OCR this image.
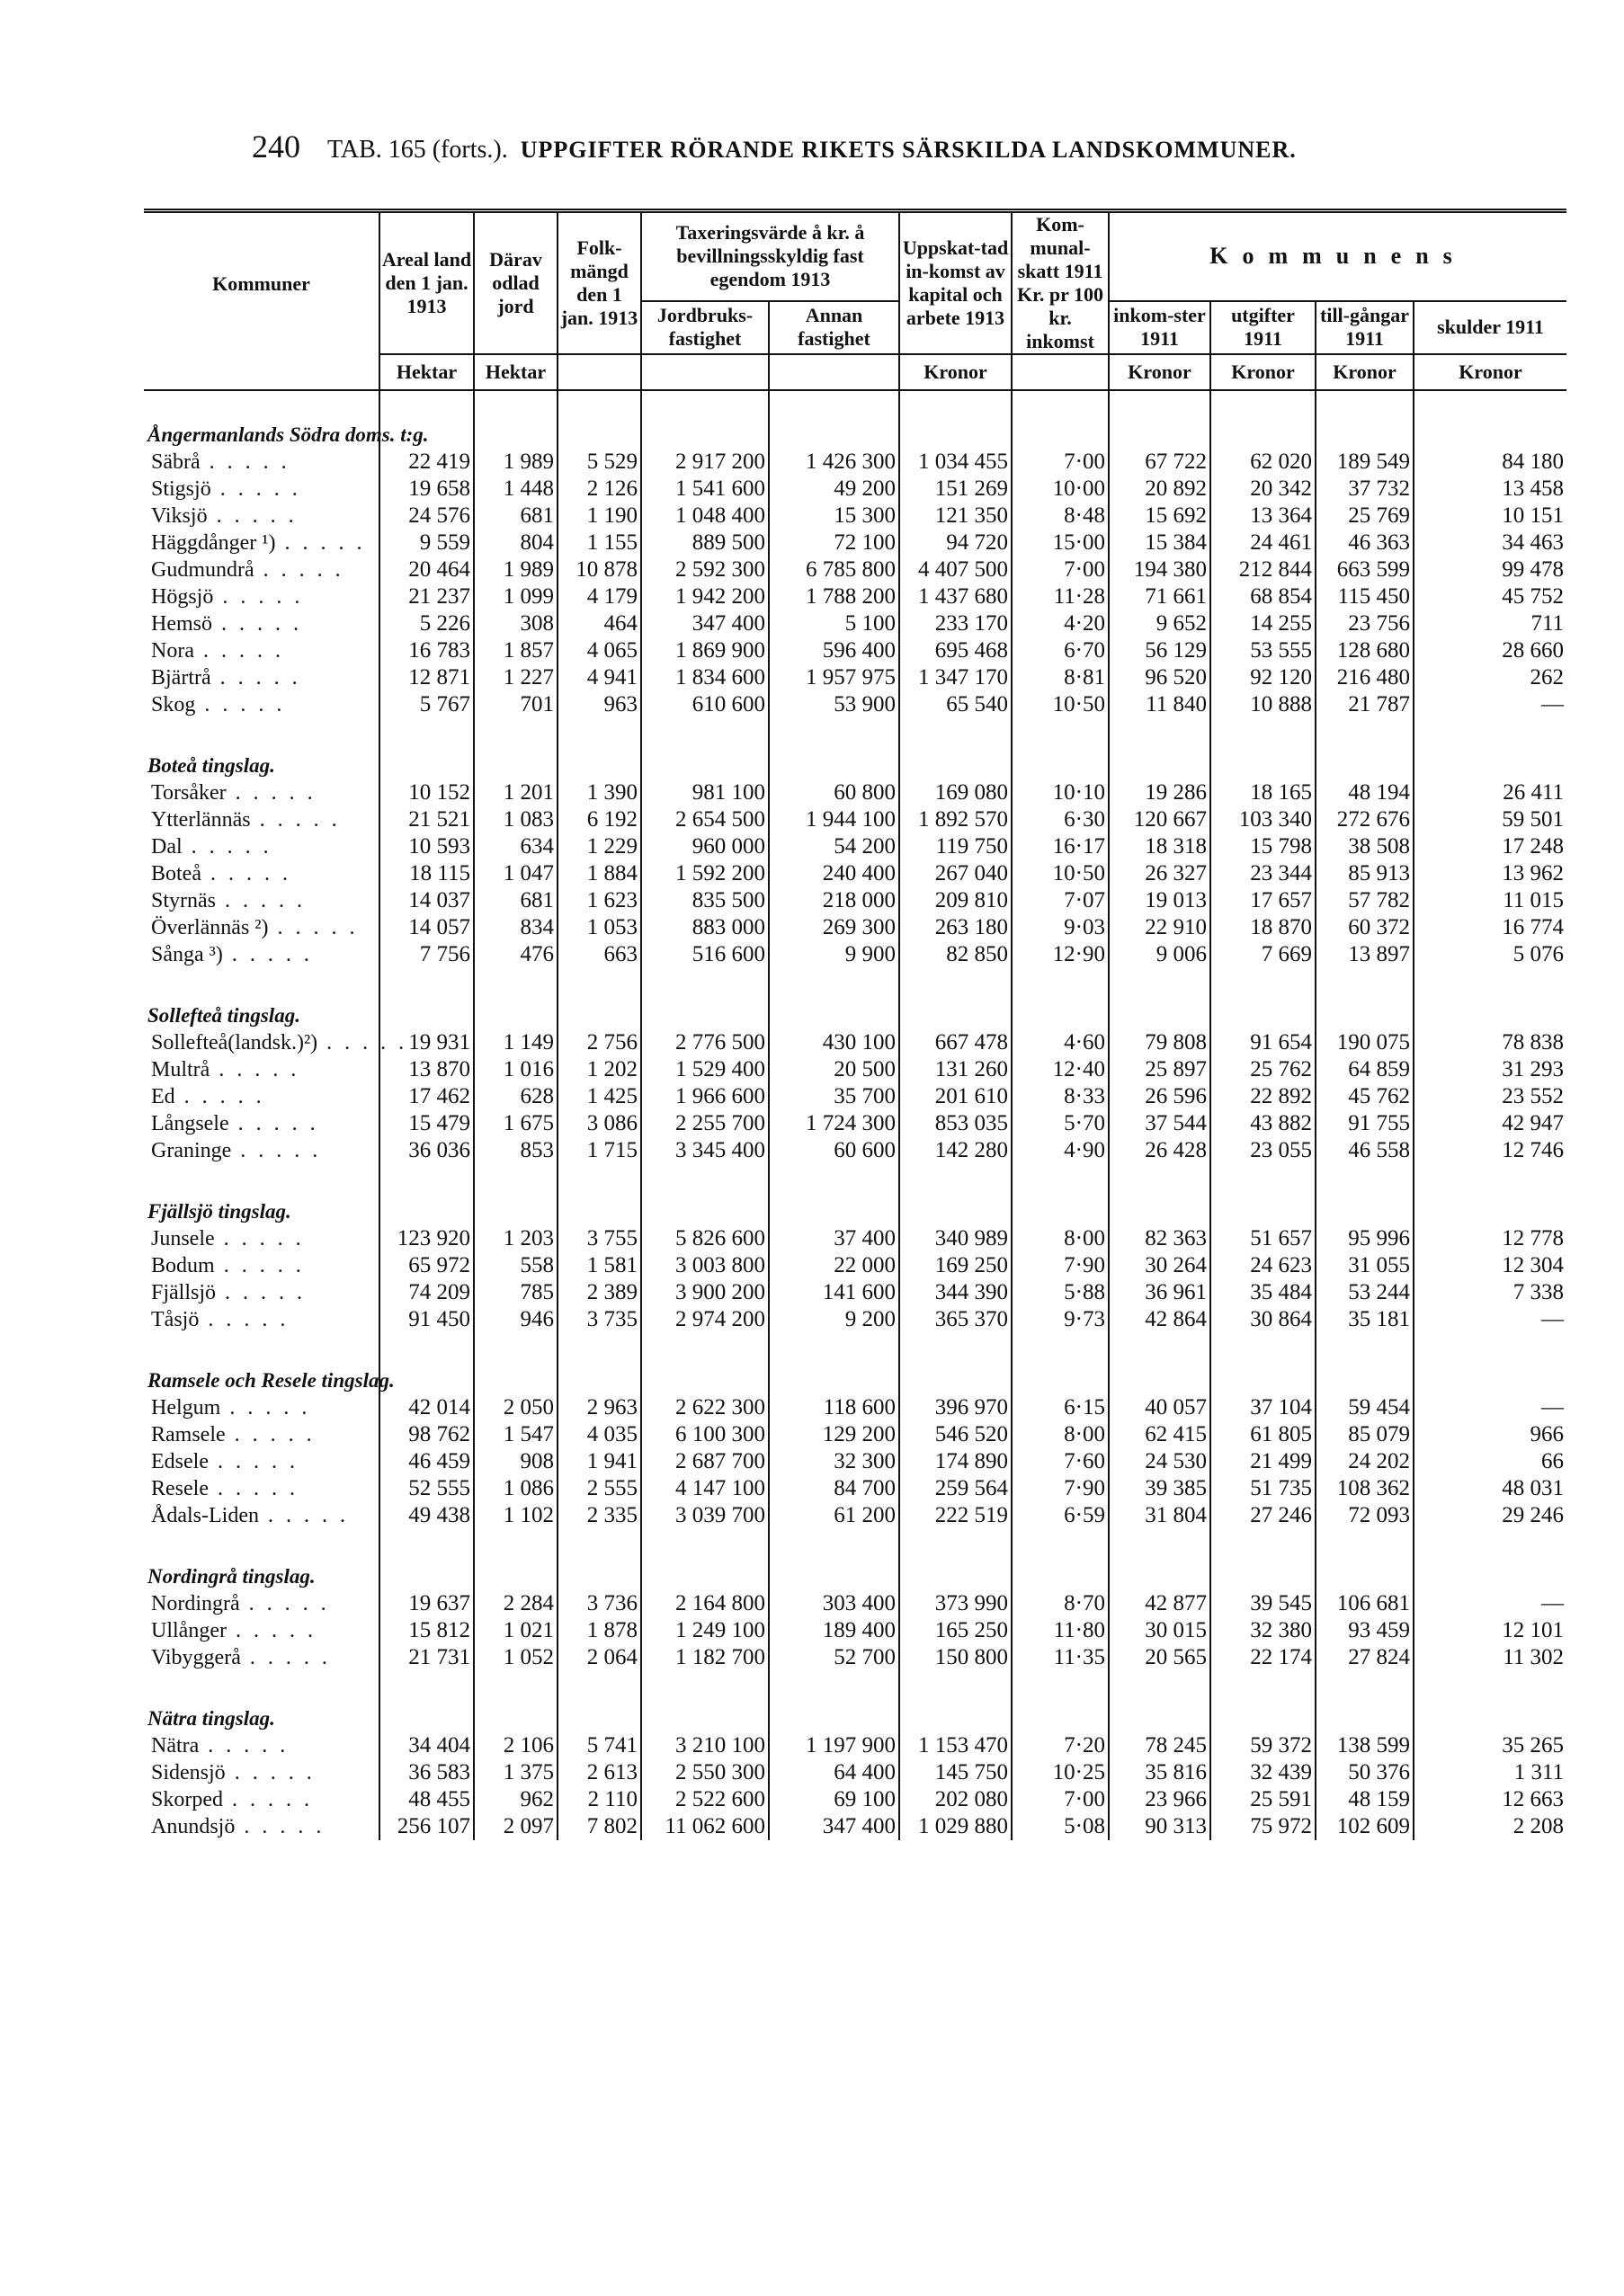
240 TAB. 165 (forts.). UPPGIFTER RÖRANDE RIKETS SÄRSKILDA LANDSKOMMUNER.
Kommuner	Areal land den 1 jan. 1913	Därav odlad jord	Folk-mängd den 1 jan. 1913	Taxeringsvärde å kr. å bevillningsskyldig fast egendom 1913		Uppskat-tad in-komst av kapital och arbete 1913	Kom-munal-skatt 1911 Kr. pr 100 kr. inkomst	Kommunens			
				Jordbruks-fastighet	Annan fastighet			inkom-ster 1911	utgifter 1911	till-gångar 1911	skulder 1911
	Hektar	Hektar				Kronor		Kronor	Kronor	Kronor	Kronor

Ångermanlands Södra doms. t:g.											
Säbrå . . . . .	22 419	1 989	5 529	2 917 200	1 426 300	1 034 455	7·00	67 722	62 020	189 549	84 180
Stigsjö . . . . .	19 658	1 448	2 126	1 541 600	49 200	151 269	10·00	20 892	20 342	37 732	13 458
Viksjö . . . . .	24 576	681	1 190	1 048 400	15 300	121 350	8·48	15 692	13 364	25 769	10 151
Häggdånger ¹) . . . . .	9 559	804	1 155	889 500	72 100	94 720	15·00	15 384	24 461	46 363	34 463
Gudmundrå . . . . .	20 464	1 989	10 878	2 592 300	6 785 800	4 407 500	7·00	194 380	212 844	663 599	99 478
Högsjö . . . . .	21 237	1 099	4 179	1 942 200	1 788 200	1 437 680	11·28	71 661	68 854	115 450	45 752
Hemsö . . . . .	5 226	308	464	347 400	5 100	233 170	4·20	9 652	14 255	23 756	711
Nora . . . . .	16 783	1 857	4 065	1 869 900	596 400	695 468	6·70	56 129	53 555	128 680	28 660
Bjärtrå . . . . .	12 871	1 227	4 941	1 834 600	1 957 975	1 347 170	8·81	96 520	92 120	216 480	262
Skog . . . . .	5 767	701	963	610 600	53 900	65 540	10·50	11 840	10 888	21 787	—

Boteå tingslag.											
Torsåker . . . . .	10 152	1 201	1 390	981 100	60 800	169 080	10·10	19 286	18 165	48 194	26 411
Ytterlännäs . . . . .	21 521	1 083	6 192	2 654 500	1 944 100	1 892 570	6·30	120 667	103 340	272 676	59 501
Dal . . . . .	10 593	634	1 229	960 000	54 200	119 750	16·17	18 318	15 798	38 508	17 248
Boteå . . . . .	18 115	1 047	1 884	1 592 200	240 400	267 040	10·50	26 327	23 344	85 913	13 962
Styrnäs . . . . .	14 037	681	1 623	835 500	218 000	209 810	7·07	19 013	17 657	57 782	11 015
Överlännäs ²) . . . . .	14 057	834	1 053	883 000	269 300	263 180	9·03	22 910	18 870	60 372	16 774
Sånga ³) . . . . .	7 756	476	663	516 600	9 900	82 850	12·90	9 006	7 669	13 897	5 076

Sollefteå tingslag.											
Sollefteå(landsk.)²) . . . . .	19 931	1 149	2 756	2 776 500	430 100	667 478	4·60	79 808	91 654	190 075	78 838
Multrå . . . . .	13 870	1 016	1 202	1 529 400	20 500	131 260	12·40	25 897	25 762	64 859	31 293
Ed . . . . .	17 462	628	1 425	1 966 600	35 700	201 610	8·33	26 596	22 892	45 762	23 552
Långsele . . . . .	15 479	1 675	3 086	2 255 700	1 724 300	853 035	5·70	37 544	43 882	91 755	42 947
Graninge . . . . .	36 036	853	1 715	3 345 400	60 600	142 280	4·90	26 428	23 055	46 558	12 746

Fjällsjö tingslag.											
Junsele . . . . .	123 920	1 203	3 755	5 826 600	37 400	340 989	8·00	82 363	51 657	95 996	12 778
Bodum . . . . .	65 972	558	1 581	3 003 800	22 000	169 250	7·90	30 264	24 623	31 055	12 304
Fjällsjö . . . . .	74 209	785	2 389	3 900 200	141 600	344 390	5·88	36 961	35 484	53 244	7 338
Tåsjö . . . . .	91 450	946	3 735	2 974 200	9 200	365 370	9·73	42 864	30 864	35 181	—

Ramsele och Resele tingslag.											
Helgum . . . . .	42 014	2 050	2 963	2 622 300	118 600	396 970	6·15	40 057	37 104	59 454	—
Ramsele . . . . .	98 762	1 547	4 035	6 100 300	129 200	546 520	8·00	62 415	61 805	85 079	966
Edsele . . . . .	46 459	908	1 941	2 687 700	32 300	174 890	7·60	24 530	21 499	24 202	66
Resele . . . . .	52 555	1 086	2 555	4 147 100	84 700	259 564	7·90	39 385	51 735	108 362	48 031
Ådals-Liden . . . . .	49 438	1 102	2 335	3 039 700	61 200	222 519	6·59	31 804	27 246	72 093	29 246

Nordingrå tingslag.											
Nordingrå . . . . .	19 637	2 284	3 736	2 164 800	303 400	373 990	8·70	42 877	39 545	106 681	—
Ullånger . . . . .	15 812	1 021	1 878	1 249 100	189 400	165 250	11·80	30 015	32 380	93 459	12 101
Vibyggerå . . . . .	21 731	1 052	2 064	1 182 700	52 700	150 800	11·35	20 565	22 174	27 824	11 302

Nätra tingslag.											
Nätra . . . . .	34 404	2 106	5 741	3 210 100	1 197 900	1 153 470	7·20	78 245	59 372	138 599	35 265
Sidensjö . . . . .	36 583	1 375	2 613	2 550 300	64 400	145 750	10·25	35 816	32 439	50 376	1 311
Skorped . . . . .	48 455	962	2 110	2 522 600	69 100	202 080	7·00	23 966	25 591	48 159	12 663
Anundsjö . . . . .	256 107	2 097	7 802	11 062 600	347 400	1 029 880	5·08	90 313	75 972	102 609	2 208
